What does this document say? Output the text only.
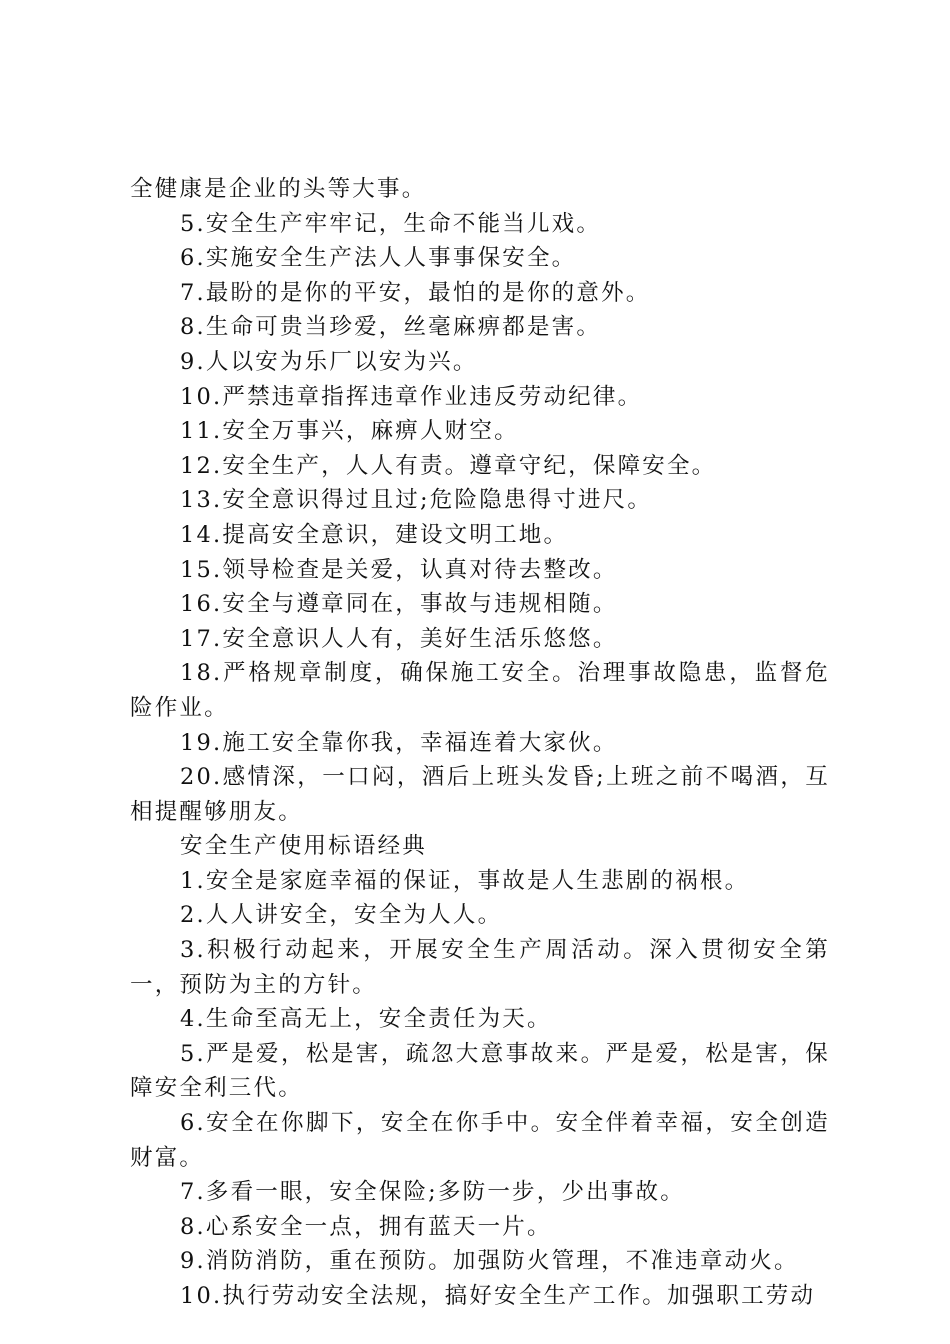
全健康是企业的头等大事。

5.安全生产牢牢记，生命不能当儿戏。

6.实施安全生产法人人事事保安全。

7.最盼的是你的平安，最怕的是你的意外。

8.生命可贵当珍爱，丝毫麻痹都是害。

9.人以安为乐厂以安为兴。

10.严禁违章指挥违章作业违反劳动纪律。

11.安全万事兴，麻痹人财空。

12.安全生产，人人有责。遵章守纪，保障安全。

13.安全意识得过且过;危险隐患得寸进尺。

14.提高安全意识，建设文明工地。

15.领导检查是关爱，认真对待去整改。

16.安全与遵章同在，事故与违规相随。

17.安全意识人人有，美好生活乐悠悠。

18.严格规章制度，确保施工安全。治理事故隐患，监督危险作业。

19.施工安全靠你我，幸福连着大家伙。

20.感情深，一口闷，酒后上班头发昏;上班之前不喝酒，互相提醒够朋友。

安全生产使用标语经典

1.安全是家庭幸福的保证，事故是人生悲剧的祸根。

2.人人讲安全，安全为人人。

3.积极行动起来，开展安全生产周活动。深入贯彻安全第一，预防为主的方针。

4.生命至高无上，安全责任为天。

5.严是爱，松是害，疏忽大意事故来。严是爱，松是害，保障安全利三代。

6.安全在你脚下，安全在你手中。安全伴着幸福，安全创造财富。

7.多看一眼，安全保险;多防一步，少出事故。

8.心系安全一点，拥有蓝天一片。

9.消防消防，重在预防。加强防火管理，不准违章动火。

10.执行劳动安全法规，搞好安全生产工作。加强职工劳动
